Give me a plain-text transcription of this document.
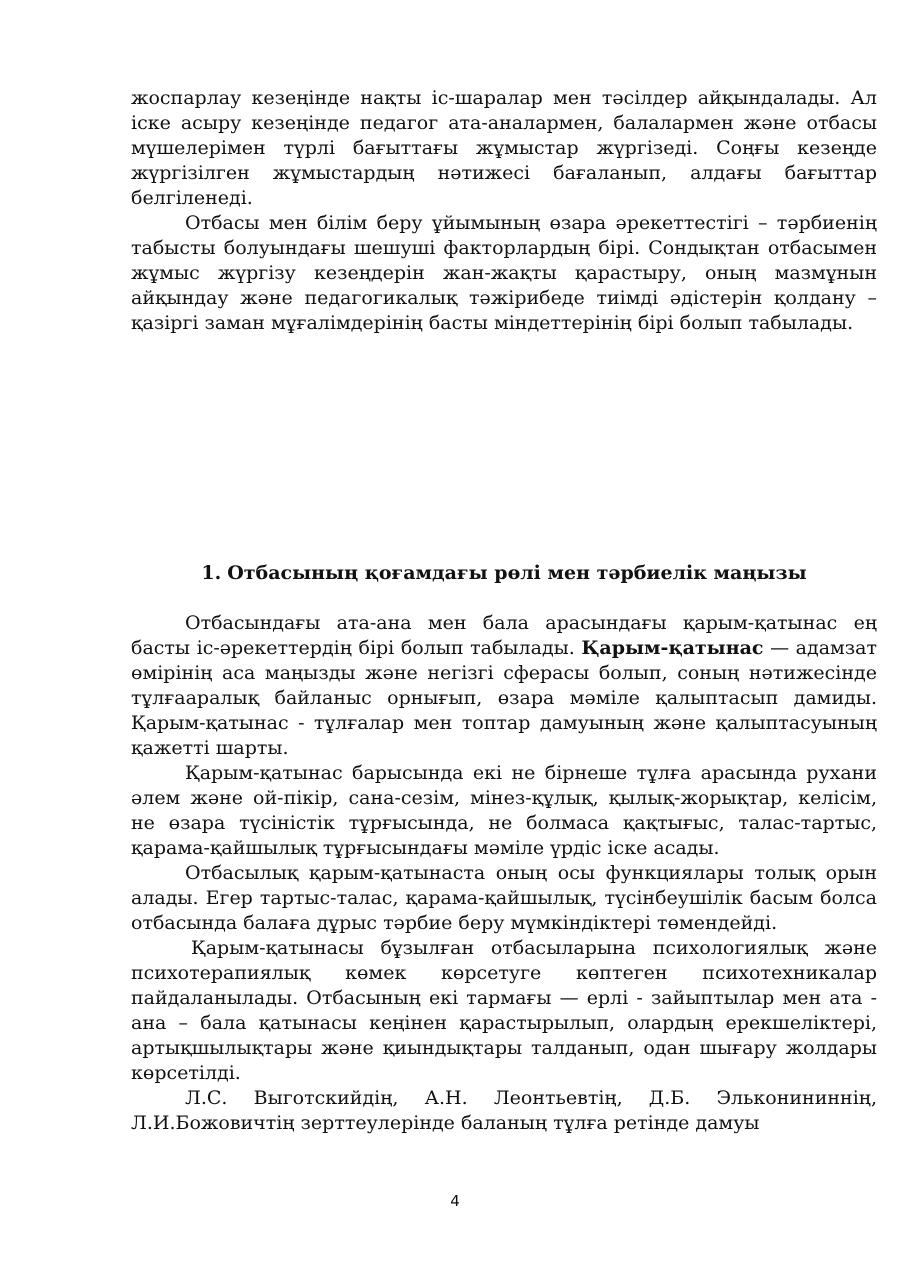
жоспарлау кезеңінде нақты іс-шаралар мен тәсілдер айқындалады. Ал іске асыру кезеңінде педагог ата-аналармен, балалармен және отбасы мүшелерімен түрлі бағыттағы жұмыстар жүргізеді. Соңғы кезеңде жүргізілген жұмыстардың нәтижесі бағаланып, алдағы бағыттар белгіленеді.

Отбасы мен білім беру ұйымының өзара әрекеттестігі – тәрбиенің табысты болуындағы шешуші факторлардың бірі. Сондықтан отбасымен жұмыс жүргізу кезеңдерін жан-жақты қарастыру, оның мазмұнын айқындау және педагогикалық тәжірибеде тиімді әдістерін қолдану – қазіргі заман мұғалімдерінің басты міндеттерінің бірі болып табылады.

1. Отбасының қоғамдағы рөлі мен тәрбиелік маңызы

Отбасындағы ата-ана мен бала арасындағы қарым-қатынас ең басты іс-әрекеттердің бірі болып табылады. Қарым-қатынас — адамзат өмірінің аса маңызды және негізгі сферасы болып, соның нәтижесінде тұлғааралық байланыс орнығып, өзара мәміле қалыптасып дамиды. Қарым-қатынас - тұлғалар мен топтар дамуының және қалыптасуының қажетті шарты.

Қарым-қатынас барысында екі не бірнеше тұлға арасында рухани әлем және ой-пікір, сана-сезім, мінез-құлық, қылық-жорықтар, келісім, не өзара түсіністік тұрғысында, не болмаса қақтығыс, талас-тартыс, қарама-қайшылық тұрғысындағы мәміле үрдіс іске асады.

Отбасылық қарым-қатынаста оның осы функциялары толық орын алады. Егер тартыс-талас, қарама-қайшылық, түсінбеушілік басым болса отбасында балаға дұрыс тәрбие беру мүмкіндіктері төмендейді.

Қарым-қатынасы бұзылған отбасыларына психологиялық және психотерапиялық көмек көрсетуге көптеген психотехникалар пайдаланылады. Отбасының екі тармағы — ерлі - зайыптылар мен ата - ана – бала қатынасы кеңінен қарастырылып, олардың ерекшеліктері, артықшылықтары және қиындықтары талданып, одан шығару жолдары көрсетілді.

Л.С. Выготскийдің, А.Н. Леонтьевтің, Д.Б. Эльконининнің, Л.И.Божовичтің зерттеулерінде баланың тұлға ретінде дамуы

4
